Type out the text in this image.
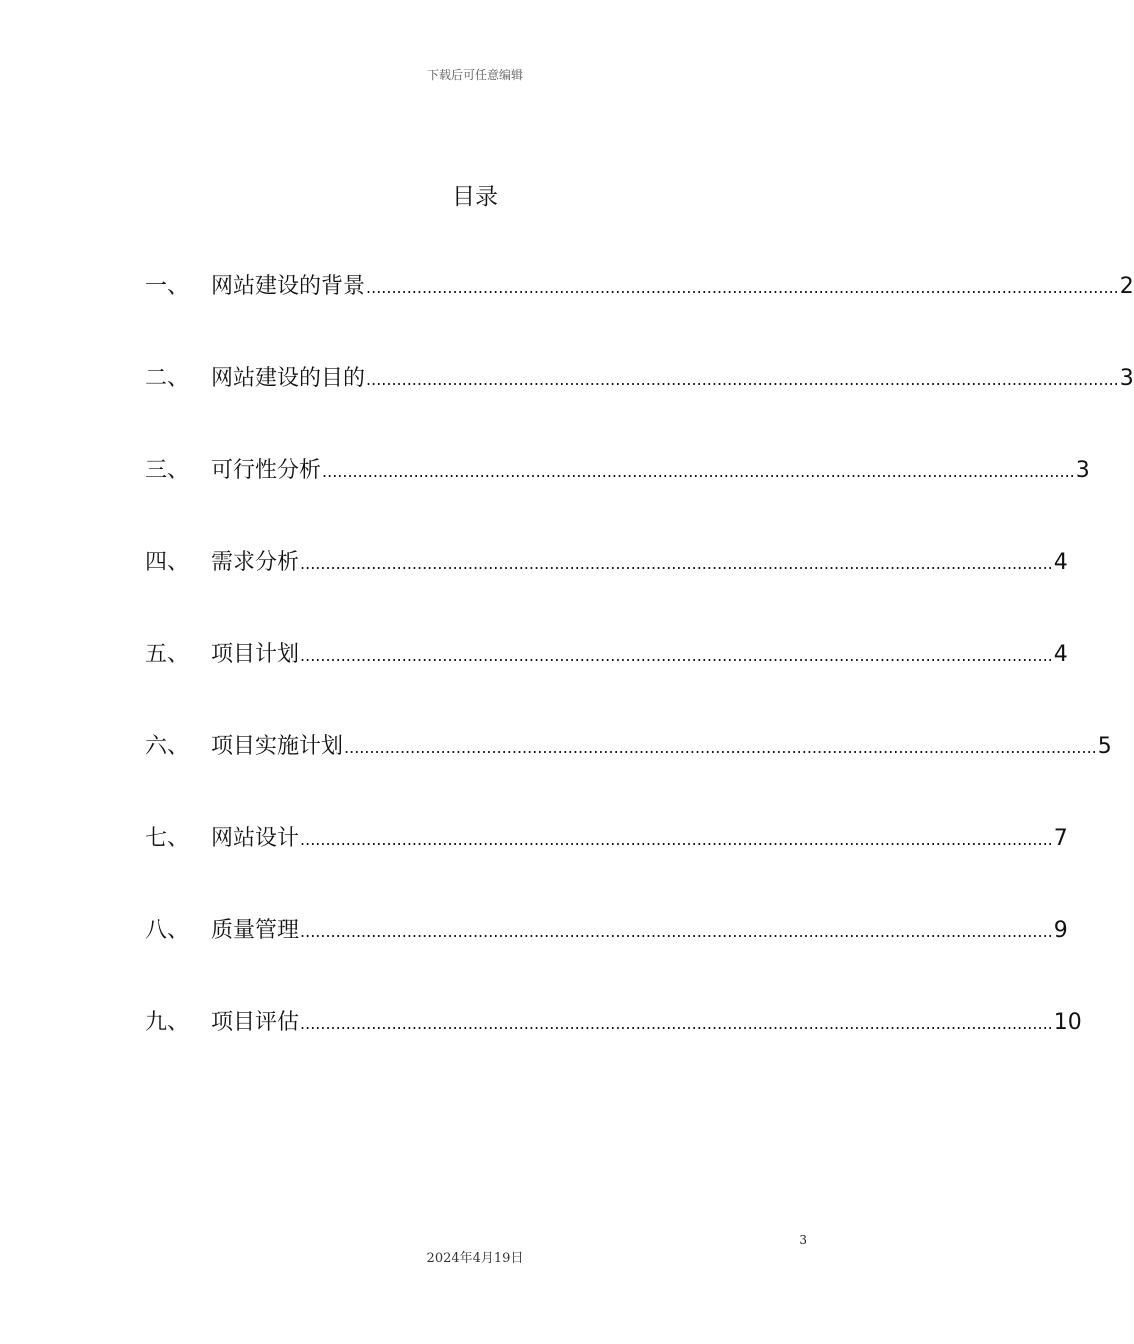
下载后可任意编辑
目录
一、 网站建设的背景 .................................................................................................................................................... 2
二、 网站建设的目的 .................................................................................................................................................... 3
三、 可行性分析 .................................................................................................................................................... 3
四、 需求分析 .................................................................................................................................................... 4
五、 项目计划 .................................................................................................................................................... 4
六、 项目实施计划 .................................................................................................................................................... 5
七、 网站设计 .................................................................................................................................................... 7
八、 质量管理 .................................................................................................................................................... 9
九、 项目评估 .................................................................................................................................................... 10
3
2024年4月19日
